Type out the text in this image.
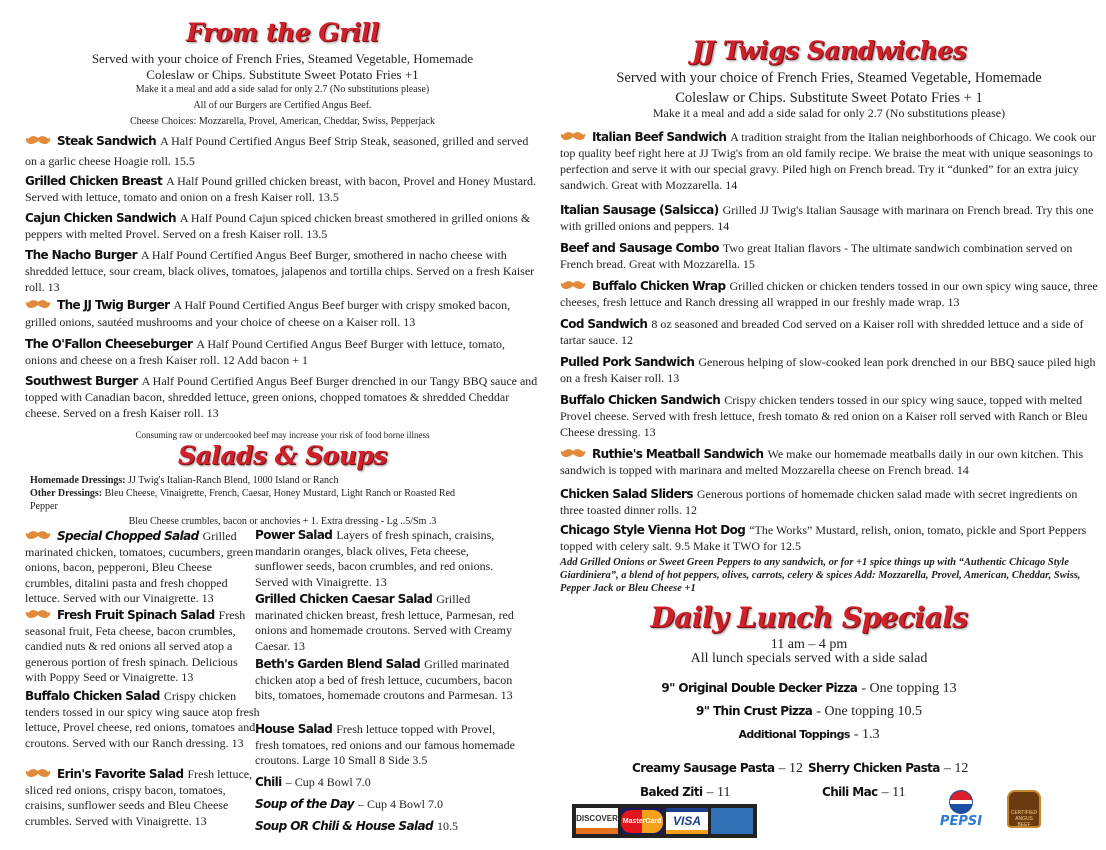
From the Grill
Served with your choice of French Fries, Steamed Vegetable, Homemade
Coleslaw or Chips. Substitute Sweet Potato Fries +1
Make it a meal and add a side salad for only 2.7 (No substitutions please)
All of our Burgers are Certified Angus Beef.
Cheese Choices: Mozzarella, Provel, American, Cheddar, Swiss, Pepperjack
Steak Sandwich A Half Pound Certified Angus Beef Strip Steak, seasoned, grilled and served on a garlic cheese Hoagie roll. 15.5
Grilled Chicken Breast A Half Pound grilled chicken breast, with bacon, Provel and Honey Mustard. Served with lettuce, tomato and onion on a fresh Kaiser roll. 13.5
Cajun Chicken Sandwich A Half Pound Cajun spiced chicken breast smothered in grilled onions & peppers with melted Provel. Served on a fresh Kaiser roll. 13.5
The Nacho Burger A Half Pound Certified Angus Beef Burger, smothered in nacho cheese with shredded lettuce, sour cream, black olives, tomatoes, jalapenos and tortilla chips. Served on a fresh Kaiser roll. 13
The JJ Twig Burger A Half Pound Certified Angus Beef burger with crispy smoked bacon, grilled onions, sautéed mushrooms and your choice of cheese on a Kaiser roll. 13
The O'Fallon Cheeseburger A Half Pound Certified Angus Beef Burger with lettuce, tomato, onions and cheese on a fresh Kaiser roll. 12 Add bacon + 1
Southwest Burger A Half Pound Certified Angus Beef Burger drenched in our Tangy BBQ sauce and topped with Canadian bacon, shredded lettuce, green onions, chopped tomatoes & shredded Cheddar cheese. Served on a fresh Kaiser roll. 13
Consuming raw or undercooked beef may increase your risk of food borne illness
Salads & Soups
Homemade Dressings: JJ Twig's Italian-Ranch Blend, 1000 Island or Ranch
Other Dressings: Bleu Cheese, Vinaigrette, French, Caesar, Honey Mustard, Light Ranch or Roasted Red Pepper
Bleu Cheese crumbles, bacon or anchovies + 1. Extra dressing - Lg ..5/Sm .3
Special Chopped Salad Grilled marinated chicken, tomatoes, cucumbers, green onions, bacon, pepperoni, Bleu Cheese crumbles, ditalini pasta and fresh chopped lettuce. Served with our Vinaigrette. 13
Fresh Fruit Spinach Salad Fresh seasonal fruit, Feta cheese, bacon crumbles, candied nuts & red onions all served atop a generous portion of fresh spinach. Delicious with Poppy Seed or Vinaigrette. 13
Buffalo Chicken Salad Crispy chicken tenders tossed in our spicy wing sauce atop fresh lettuce, Provel cheese, red onions, tomatoes and croutons. Served with our Ranch dressing. 13
Erin's Favorite Salad Fresh lettuce, sliced red onions, crispy bacon, tomatoes, craisins, sunflower seeds and Bleu Cheese crumbles. Served with Vinaigrette. 13
Power Salad Layers of fresh spinach, craisins, mandarin oranges, black olives, Feta cheese, sunflower seeds, bacon crumbles, and red onions. Served with Vinaigrette. 13
Grilled Chicken Caesar Salad Grilled marinated chicken breast, fresh lettuce, Parmesan, red onions and homemade croutons. Served with Creamy Caesar. 13
Beth's Garden Blend Salad Grilled marinated chicken atop a bed of fresh lettuce, cucumbers, bacon bits, tomatoes, homemade croutons and Parmesan. 13
House Salad Fresh lettuce topped with Provel, fresh tomatoes, red onions and our famous homemade croutons. Large 10 Small 8 Side 3.5
Chili – Cup 4 Bowl 7.0
Soup of the Day – Cup 4 Bowl 7.0
Soup OR Chili & House Salad 10.5
JJ Twigs Sandwiches
Served with your choice of French Fries, Steamed Vegetable, Homemade
Coleslaw or Chips. Substitute Sweet Potato Fries + 1
Make it a meal and add a side salad for only 2.7 (No substitutions please)
Italian Beef Sandwich A tradition straight from the Italian neighborhoods of Chicago. We cook our top quality beef right here at JJ Twig's from an old family recipe. We braise the meat with unique seasonings to perfection and serve it with our special gravy. Piled high on French bread. Try it “dunked” for an extra juicy sandwich. Great with Mozzarella. 14
Italian Sausage (Salsicca) Grilled JJ Twig's Italian Sausage with marinara on French bread. Try this one with grilled onions and peppers. 14
Beef and Sausage Combo Two great Italian flavors - The ultimate sandwich combination served on French bread. Great with Mozzarella. 15
Buffalo Chicken Wrap Grilled chicken or chicken tenders tossed in our own spicy wing sauce, three cheeses, fresh lettuce and Ranch dressing all wrapped in our freshly made wrap. 13
Cod Sandwich 8 oz seasoned and breaded Cod served on a Kaiser roll with shredded lettuce and a side of tartar sauce. 12
Pulled Pork Sandwich Generous helping of slow-cooked lean pork drenched in our BBQ sauce piled high on a fresh Kaiser roll. 13
Buffalo Chicken Sandwich Crispy chicken tenders tossed in our spicy wing sauce, topped with melted Provel cheese. Served with fresh lettuce, fresh tomato & red onion on a Kaiser roll served with Ranch or Bleu Cheese dressing. 13
Ruthie's Meatball Sandwich We make our homemade meatballs daily in our own kitchen. This sandwich is topped with marinara and melted Mozzarella cheese on French bread. 14
Chicken Salad Sliders Generous portions of homemade chicken salad made with secret ingredients on three toasted dinner rolls. 12
Chicago Style Vienna Hot Dog “The Works” Mustard, relish, onion, tomato, pickle and Sport Peppers topped with celery salt. 9.5 Make it TWO for 12.5
Add Grilled Onions or Sweet Green Peppers to any sandwich, or for +1 spice things up with “Authentic Chicago Style Giardiniera”, a blend of hot peppers, olives, carrots, celery & spices Add: Mozzarella, Provel, American, Cheddar, Swiss, Pepper Jack or Bleu Cheese +1
Daily Lunch Specials
11 am – 4 pm
All lunch specials served with a side salad
9" Original Double Decker Pizza - One topping 13
9" Thin Crust Pizza - One topping 10.5
Additional Toppings - 1.3
Creamy Sausage Pasta – 12 Sherry Chicken Pasta – 12
Baked Ziti – 11	Chili Mac – 11
DISCOVER MasterCard VISA	PEPSI
CERTIFIED ANGUS BEEF
